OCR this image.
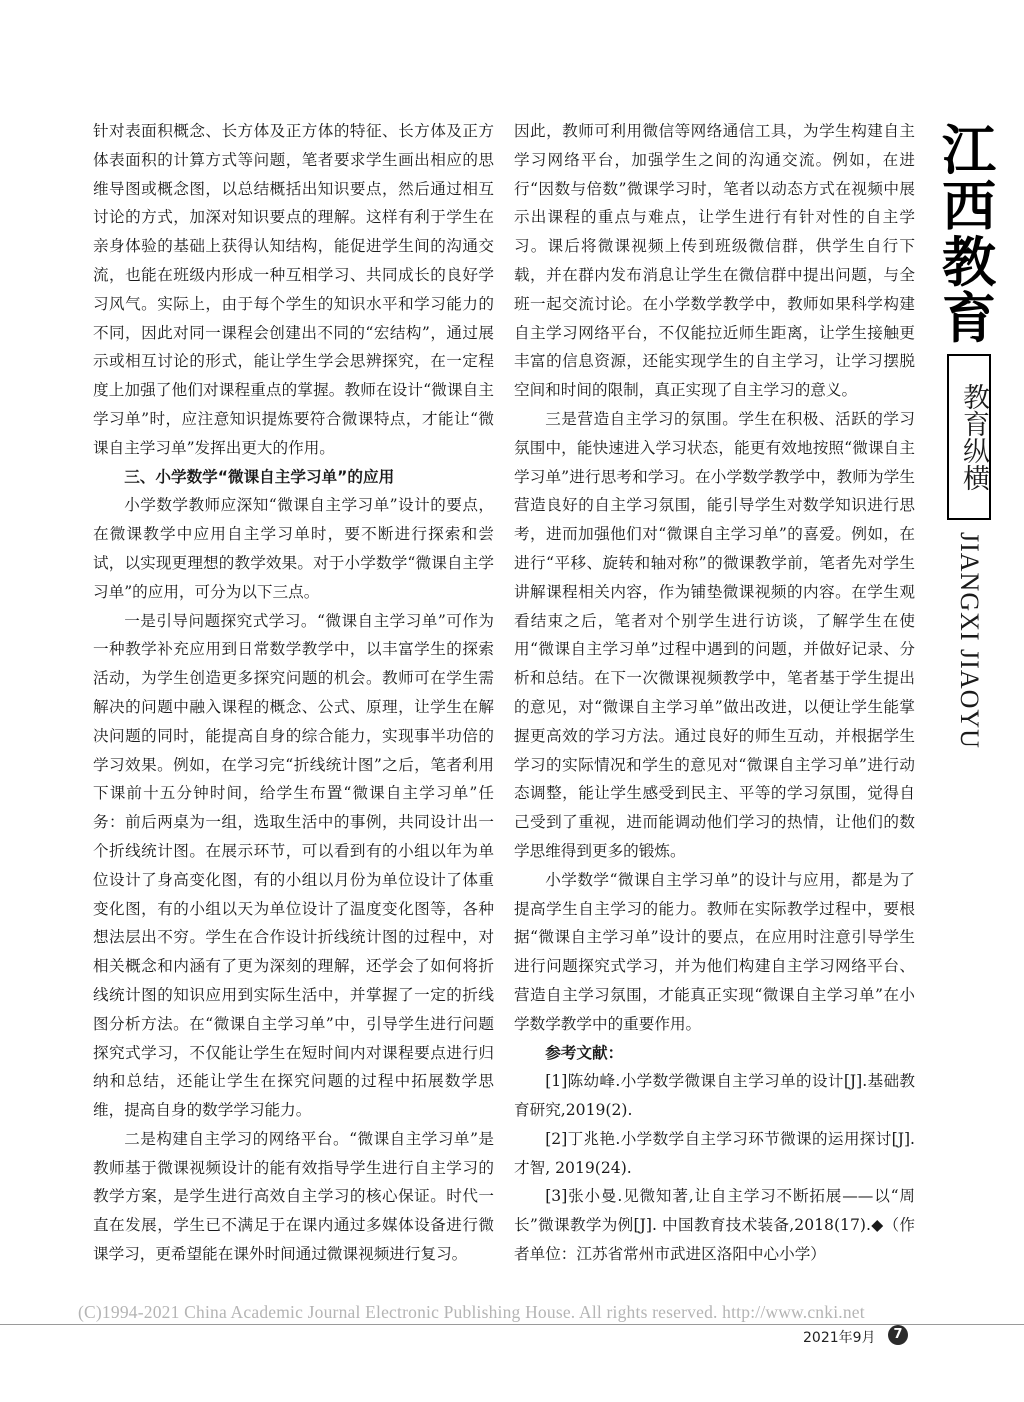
针对表面积概念、长方体及正方体的特征、长方体及正方体表面积的计算方式等问题，笔者要求学生画出相应的思维导图或概念图，以总结概括出知识要点，然后通过相互讨论的方式，加深对知识要点的理解。这样有利于学生在亲身体验的基础上获得认知结构，能促进学生间的沟通交流，也能在班级内形成一种互相学习、共同成长的良好学习风气。实际上，由于每个学生的知识水平和学习能力的不同，因此对同一课程会创建出不同的“宏结构”，通过展示或相互讨论的形式，能让学生学会思辨探究，在一定程度上加强了他们对课程重点的掌握。教师在设计“微课自主学习单”时，应注意知识提炼要符合微课特点，才能让“微课自主学习单”发挥出更大的作用。

三、小学数学“微课自主学习单”的应用

小学数学教师应深知“微课自主学习单”设计的要点，在微课教学中应用自主学习单时，要不断进行探索和尝试，以实现更理想的教学效果。对于小学数学“微课自主学习单”的应用，可分为以下三点。

一是引导问题探究式学习。“微课自主学习单”可作为一种教学补充应用到日常数学教学中，以丰富学生的探索活动，为学生创造更多探究问题的机会。教师可在学生需解决的问题中融入课程的概念、公式、原理，让学生在解决问题的同时，能提高自身的综合能力，实现事半功倍的学习效果。例如，在学习完“折线统计图”之后，笔者利用下课前十五分钟时间，给学生布置“微课自主学习单”任务：前后两桌为一组，选取生活中的事例，共同设计出一个折线统计图。在展示环节，可以看到有的小组以年为单位设计了身高变化图，有的小组以月份为单位设计了体重变化图，有的小组以天为单位设计了温度变化图等，各种想法层出不穷。学生在合作设计折线统计图的过程中，对相关概念和内涵有了更为深刻的理解，还学会了如何将折线统计图的知识应用到实际生活中，并掌握了一定的折线图分析方法。在“微课自主学习单”中，引导学生进行问题探究式学习，不仅能让学生在短时间内对课程要点进行归纳和总结，还能让学生在探究问题的过程中拓展数学思维，提高自身的数学学习能力。

二是构建自主学习的网络平台。“微课自主学习单”是教师基于微课视频设计的能有效指导学生进行自主学习的教学方案，是学生进行高效自主学习的核心保证。时代一直在发展，学生已不满足于在课内通过多媒体设备进行微课学习，更希望能在课外时间通过微课视频进行复习。

因此，教师可利用微信等网络通信工具，为学生构建自主学习网络平台，加强学生之间的沟通交流。例如，在进行“因数与倍数”微课学习时，笔者以动态方式在视频中展示出课程的重点与难点，让学生进行有针对性的自主学习。课后将微课视频上传到班级微信群，供学生自行下载，并在群内发布消息让学生在微信群中提出问题，与全班一起交流讨论。在小学数学教学中，教师如果科学构建自主学习网络平台，不仅能拉近师生距离，让学生接触更丰富的信息资源，还能实现学生的自主学习，让学习摆脱空间和时间的限制，真正实现了自主学习的意义。

三是营造自主学习的氛围。学生在积极、活跃的学习氛围中，能快速进入学习状态，能更有效地按照“微课自主学习单”进行思考和学习。在小学数学教学中，教师为学生营造良好的自主学习氛围，能引导学生对数学知识进行思考，进而加强他们对“微课自主学习单”的喜爱。例如，在进行“平移、旋转和轴对称”的微课教学前，笔者先对学生讲解课程相关内容，作为铺垫微课视频的内容。在学生观看结束之后，笔者对个别学生进行访谈，了解学生在使用“微课自主学习单”过程中遇到的问题，并做好记录、分析和总结。在下一次微课视频教学中，笔者基于学生提出的意见，对“微课自主学习单”做出改进，以便让学生能掌握更高效的学习方法。通过良好的师生互动，并根据学生学习的实际情况和学生的意见对“微课自主学习单”进行动态调整，能让学生感受到民主、平等的学习氛围，觉得自己受到了重视，进而能调动他们学习的热情，让他们的数学思维得到更多的锻炼。

小学数学“微课自主学习单”的设计与应用，都是为了提高学生自主学习的能力。教师在实际教学过程中，要根据“微课自主学习单”设计的要点，在应用时注意引导学生进行问题探究式学习，并为他们构建自主学习网络平台、营造自主学习氛围，才能真正实现“微课自主学习单”在小学数学教学中的重要作用。

参考文献：

[1]陈幼峰.小学数学微课自主学习单的设计[J].基础教育研究,2019(2).

[2]丁兆艳.小学数学自主学习环节微课的运用探讨[J].才智, 2019(24).

[3]张小曼.见微知著,让自主学习不断拓展——以“周长”微课教学为例[J]. 中国教育技术装备,2018(17).◆（作者单位：江苏省常州市武进区洛阳中心小学）

江西教育
教育纵横
JIANGXI JIAOYU
(C)1994-2021 China Academic Journal Electronic Publishing House. All rights reserved. http://www.cnki.net
2021年9月	7
